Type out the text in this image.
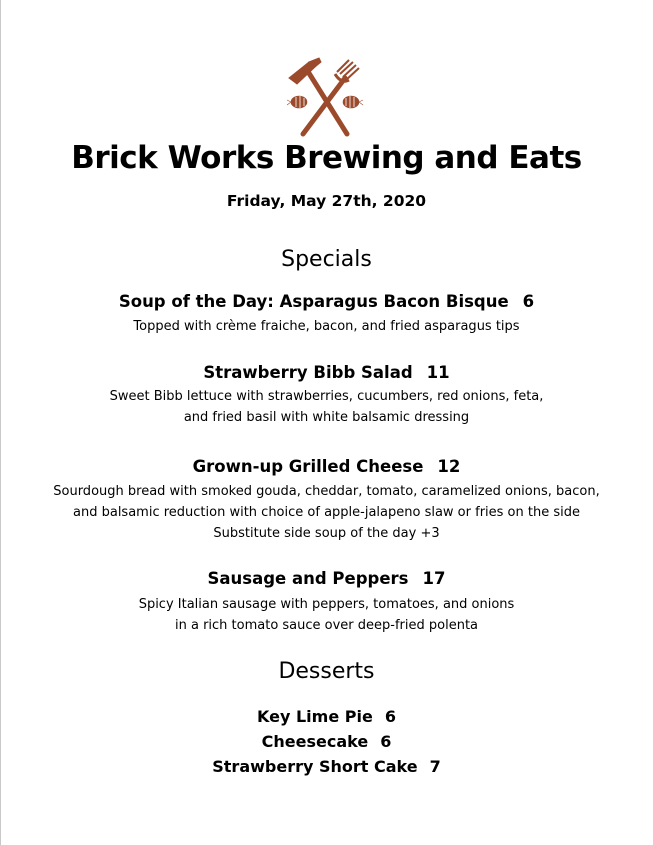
Brick Works Brewing and Eats
Friday, May 27th, 2020
Specials
Soup of the Day: Asparagus Bacon Bisque 6
Topped with crème fraiche, bacon, and fried asparagus tips
Strawberry Bibb Salad 11
Sweet Bibb lettuce with strawberries, cucumbers, red onions, feta,
and fried basil with white balsamic dressing
Grown-up Grilled Cheese 12
Sourdough bread with smoked gouda, cheddar, tomato, caramelized onions, bacon,
and balsamic reduction with choice of apple-jalapeno slaw or fries on the side
Substitute side soup of the day +3
Sausage and Peppers 17
Spicy Italian sausage with peppers, tomatoes, and onions
in a rich tomato sauce over deep-fried polenta
Desserts
Key Lime Pie 6
Cheesecake 6
Strawberry Short Cake 7
